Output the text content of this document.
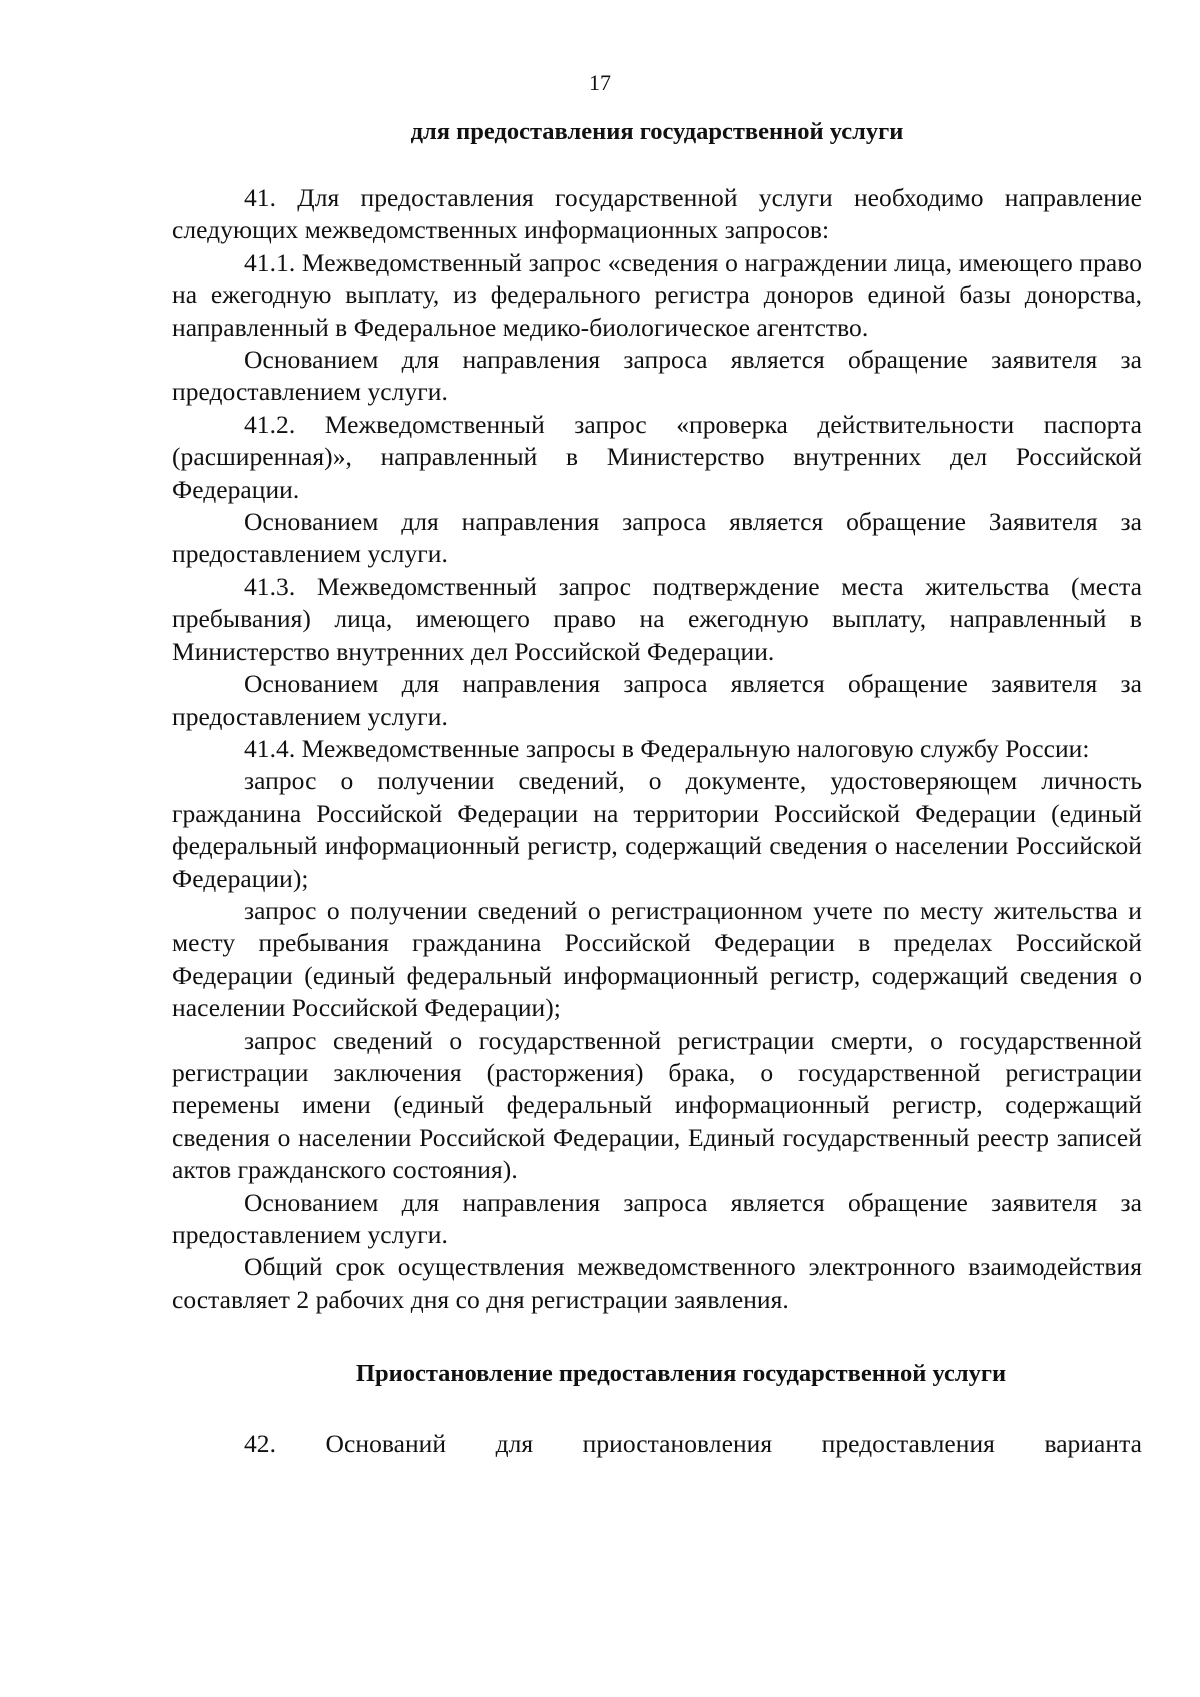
17

для предоставления государственной услуги

41. Для предоставления государственной услуги необходимо направление следующих межведомственных информационных запросов:

41.1. Межведомственный запрос «сведения о награждении лица, имеющего право на ежегодную выплату, из федерального регистра доноров единой базы донорства, направленный в Федеральное медико-биологическое агентство.

Основанием для направления запроса является обращение заявителя за предоставлением услуги.

41.2. Межведомственный запрос «проверка действительности паспорта (расширенная)», направленный в Министерство внутренних дел Российской Федерации.

Основанием для направления запроса является обращение Заявителя за предоставлением услуги.

41.3. Межведомственный запрос подтверждение места жительства (места пребывания) лица, имеющего право на ежегодную выплату, направленный в Министерство внутренних дел Российской Федерации.

Основанием для направления запроса является обращение заявителя за предоставлением услуги.

41.4. Межведомственные запросы в Федеральную налоговую службу России:

запрос о получении сведений, о документе, удостоверяющем личность гражданина Российской Федерации на территории Российской Федерации (единый федеральный информационный регистр, содержащий сведения о населении Российской Федерации);

запрос о получении сведений о регистрационном учете по месту жительства и месту пребывания гражданина Российской Федерации в пределах Российской Федерации (единый федеральный информационный регистр, содержащий сведения о населении Российской Федерации);

запрос сведений о государственной регистрации смерти, о государственной регистрации заключения (расторжения) брака, о государственной регистрации перемены имени (единый федеральный информационный регистр, содержащий сведения о населении Российской Федерации, Единый государственный реестр записей актов гражданского состояния).

Основанием для направления запроса является обращение заявителя за предоставлением услуги.

Общий срок осуществления межведомственного электронного взаимодействия составляет 2 рабочих дня со дня регистрации заявления.

Приостановление предоставления государственной услуги

42. Оснований для приостановления предоставления варианта
